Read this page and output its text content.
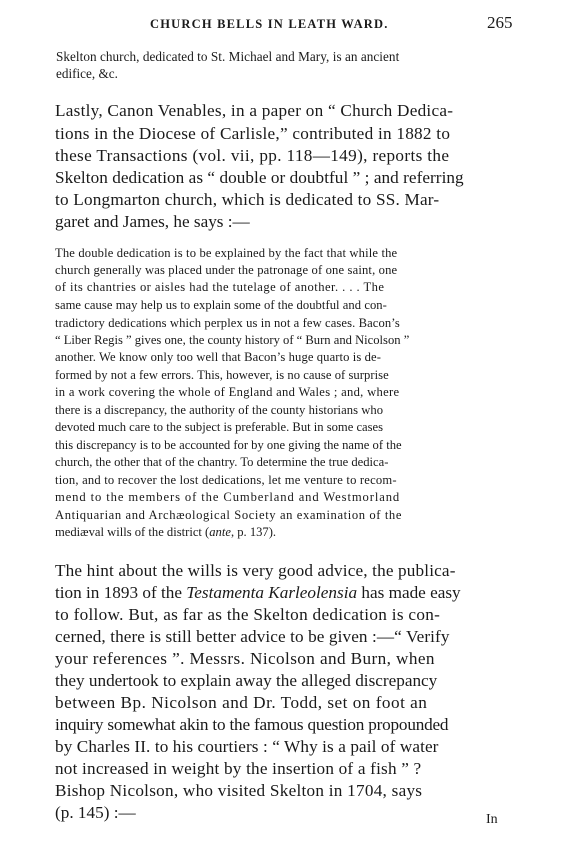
CHURCH BELLS IN LEATH WARD.	265
Skelton church, dedicated to St. Michael and Mary, is an ancient
edifice, &c.
Lastly, Canon Venables, in a paper on “ Church Dedica-
tions in the Diocese of Carlisle,” contributed in 1882 to
these Transactions (vol. vii, pp. 118—149), reports the
Skelton dedication as “ double or doubtful ” ; and referring
to Longmarton church, which is dedicated to SS. Mar-
garet and James, he says :—
The double dedication is to be explained by the fact that while the
church generally was placed under the patronage of one saint, one
of its chantries or aisles had the tutelage of another. . . . The
same cause may help us to explain some of the doubtful and con-
tradictory dedications which perplex us in not a few cases. Bacon’s
“ Liber Regis ” gives one, the county history of “ Burn and Nicolson ”
another. We know only too well that Bacon’s huge quarto is de-
formed by not a few errors. This, however, is no cause of surprise
in a work covering the whole of England and Wales ; and, where
there is a discrepancy, the authority of the county historians who
devoted much care to the subject is preferable. But in some cases
this discrepancy is to be accounted for by one giving the name of the
church, the other that of the chantry. To determine the true dedica-
tion, and to recover the lost dedications, let me venture to recom-
mend to the members of the Cumberland and Westmorland
Antiquarian and Archæological Society an examination of the
mediæval wills of the district (ante, p. 137).
The hint about the wills is very good advice, the publica-
tion in 1893 of the Testamenta Karleolensia has made easy
to follow. But, as far as the Skelton dedication is con-
cerned, there is still better advice to be given :—“ Verify
your references ”. Messrs. Nicolson and Burn, when
they undertook to explain away the alleged discrepancy
between Bp. Nicolson and Dr. Todd, set on foot an
inquiry somewhat akin to the famous question propounded
by Charles II. to his courtiers : “ Why is a pail of water
not increased in weight by the insertion of a fish ” ?
Bishop Nicolson, who visited Skelton in 1704, says
(p. 145) :—	In
